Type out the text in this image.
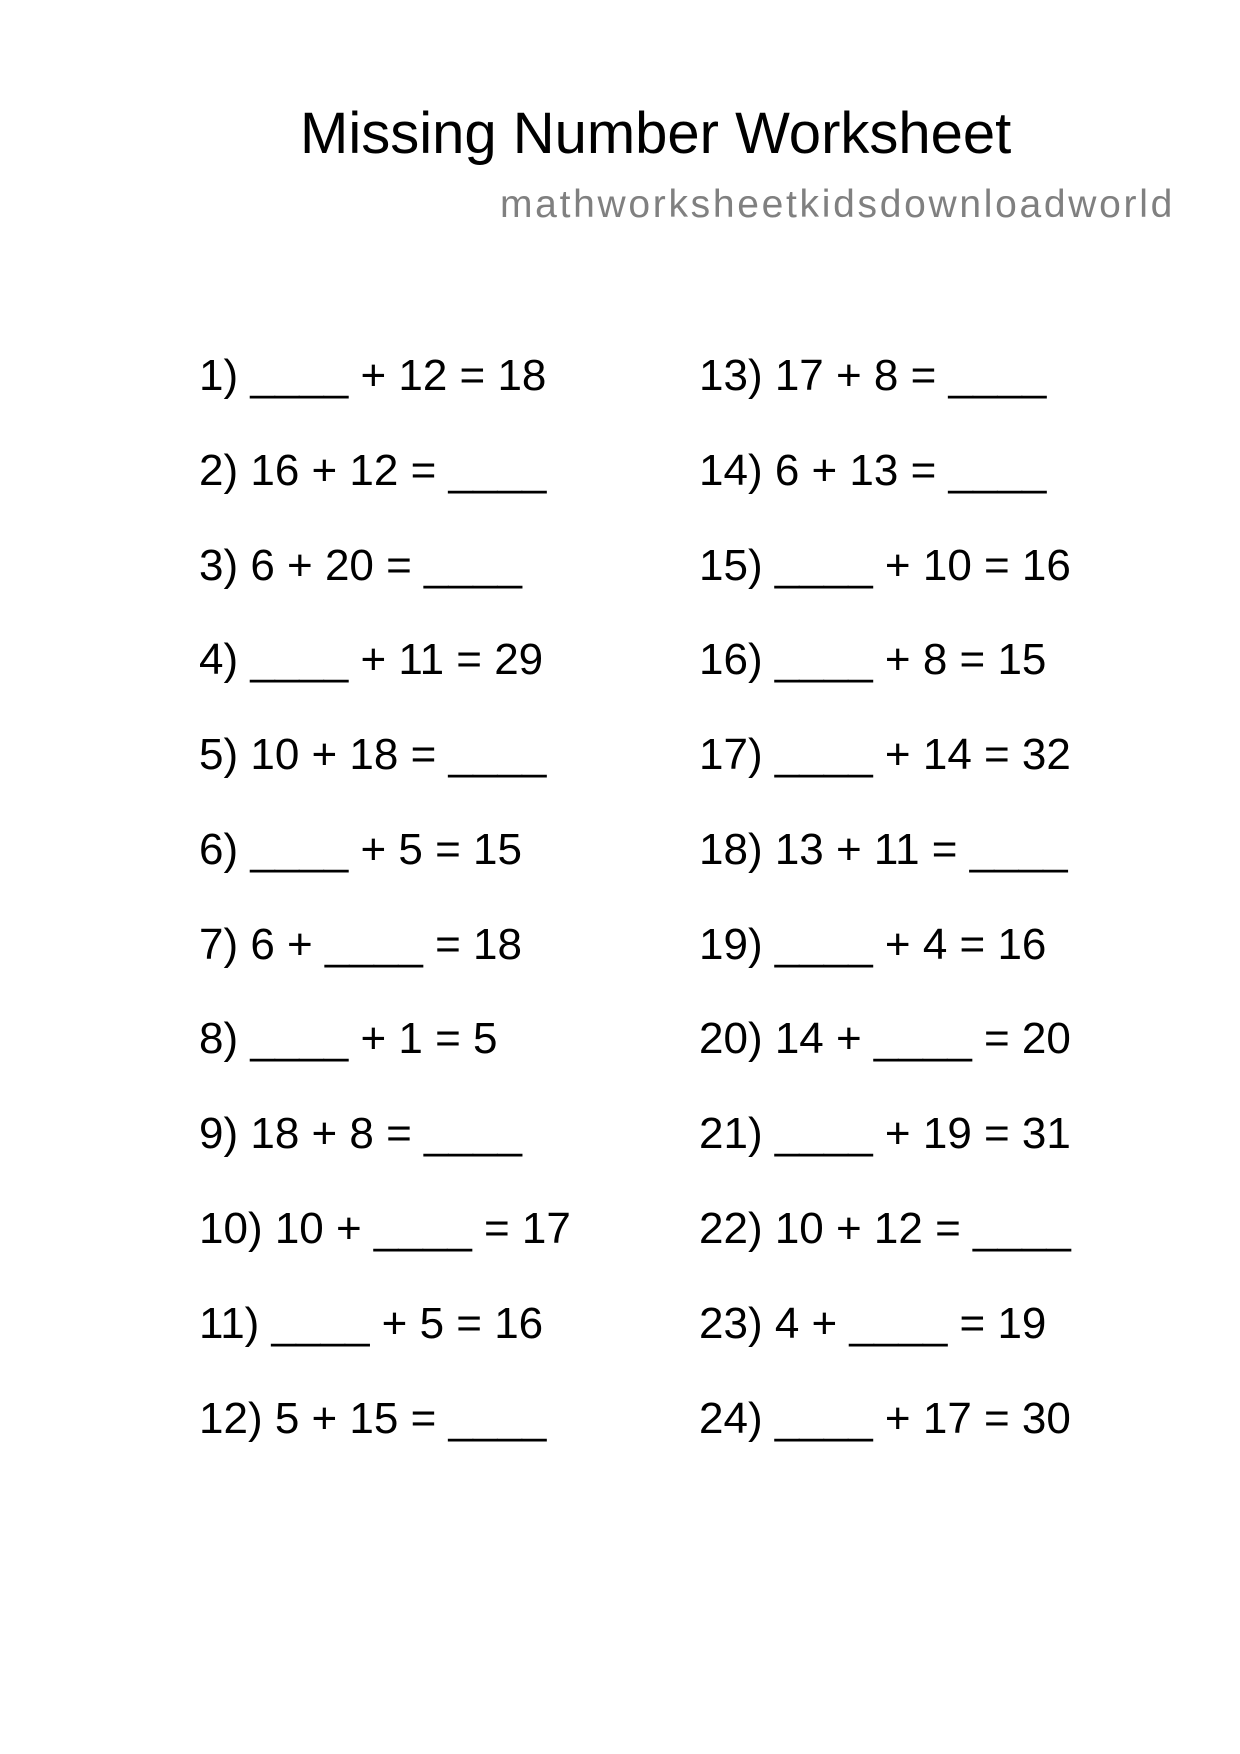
Missing Number Worksheet
mathworksheetkidsdownloadworld
1) ____ + 12 = 18
2) 16 + 12 = ____
3) 6 + 20 = ____
4) ____ + 11 = 29
5) 10 + 18 = ____
6) ____ + 5 = 15
7) 6 + ____ = 18
8) ____ + 1 = 5
9) 18 + 8 = ____
10) 10 + ____ = 17
11) ____ + 5 = 16
12) 5 + 15 = ____
13) 17 + 8 = ____
14) 6 + 13 = ____
15) ____ + 10 = 16
16) ____ + 8 = 15
17) ____ + 14 = 32
18) 13 + 11 = ____
19) ____ + 4 = 16
20) 14 + ____ = 20
21) ____ + 19 = 31
22) 10 + 12 = ____
23) 4 + ____ = 19
24) ____ + 17 = 30
